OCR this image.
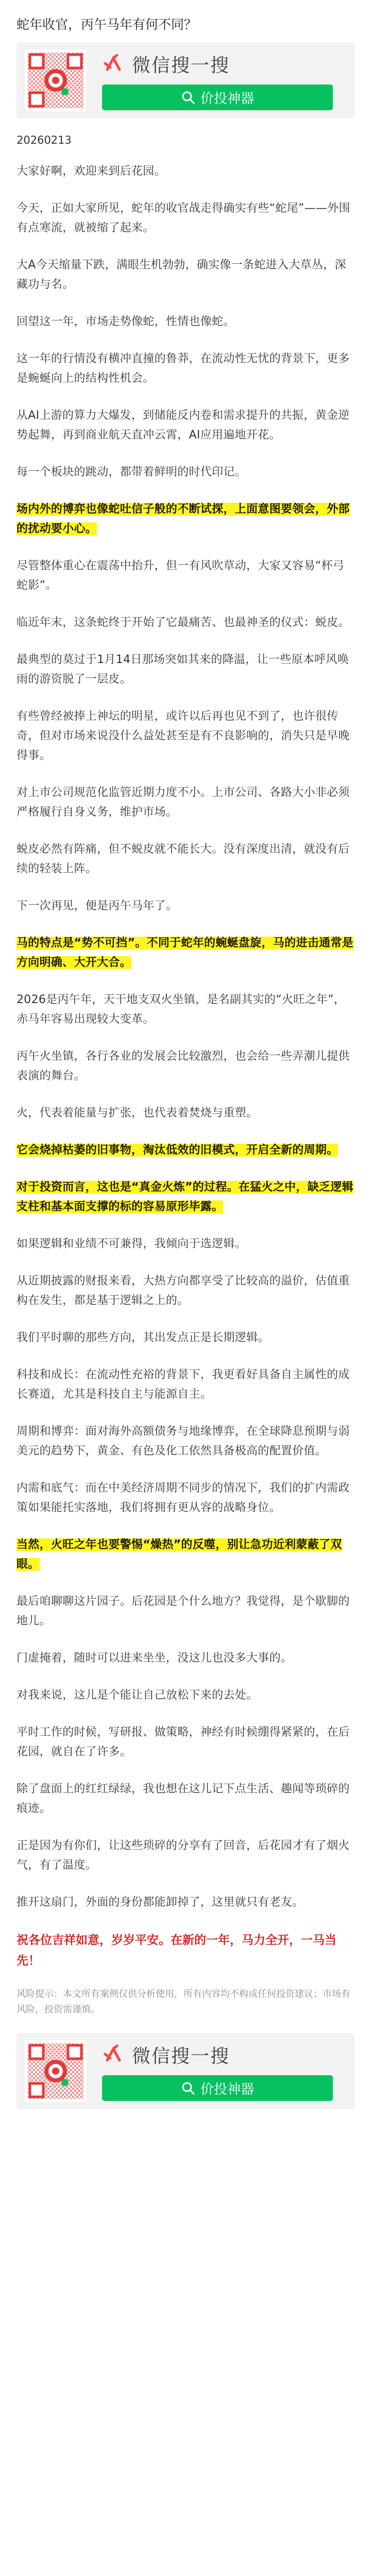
蛇年收官，丙午马年有何不同？
微信搜一搜
价投神器
20260213

大家好啊，欢迎来到后花园。

今天，正如大家所见，蛇年的收官战走得确实有些“蛇尾”——外围有点寒流，就被缩了起来。

大A今天缩量下跌，满眼生机勃勃，确实像一条蛇进入大草丛，深藏功与名。

回望这一年，市场走势像蛇，性情也像蛇。

这一年的行情没有横冲直撞的鲁莽，在流动性无忧的背景下，更多是蜿蜒向上的结构性机会。

从AI上游的算力大爆发，到储能反内卷和需求提升的共振，黄金逆势起舞，再到商业航天直冲云霄，AI应用遍地开花。

每一个板块的跳动，都带着鲜明的时代印记。

场内外的博弈也像蛇吐信子般的不断试探，上面意图要领会，外部的扰动要小心。

尽管整体重心在震荡中抬升，但一有风吹草动，大家又容易“杯弓蛇影”。

临近年末，这条蛇终于开始了它最痛苦、也最神圣的仪式：蜕皮。

最典型的莫过于1月14日那场突如其来的降温，让一些原本呼风唤雨的游资脱了一层皮。

有些曾经被捧上神坛的明星，或许以后再也见不到了，也许很传奇，但对市场来说没什么益处甚至是有不良影响的，消失只是早晚得事。

对上市公司规范化监管近期力度不小。上市公司、各路大小非必须严格履行自身义务，维护市场。

蜕皮必然有阵痛，但不蜕皮就不能长大。没有深度出清，就没有后续的轻装上阵。

下一次再见，便是丙午马年了。

马的特点是“势不可挡”。不同于蛇年的蜿蜒盘旋，马的进击通常是方向明确、大开大合。

2026是丙午年，天干地支双火坐镇，是名副其实的“火旺之年”，赤马年容易出现较大变革。

丙午火坐镇，各行各业的发展会比较激烈，也会给一些弄潮儿提供表演的舞台。

火，代表着能量与扩张，也代表着焚烧与重塑。

它会烧掉枯萎的旧事物，淘汰低效的旧模式，开启全新的周期。

对于投资而言，这也是“真金火炼”的过程。在猛火之中，缺乏逻辑支柱和基本面支撑的标的容易原形毕露。

如果逻辑和业绩不可兼得，我倾向于选逻辑。

从近期披露的财报来看，大热方向都享受了比较高的溢价，估值重构在发生，都是基于逻辑之上的。

我们平时聊的那些方向，其出发点正是长期逻辑。

科技和成长：在流动性充裕的背景下，我更看好具备自主属性的成长赛道，尤其是科技自主与能源自主。

周期和博弈：面对海外高额债务与地缘博弈，在全球降息预期与弱美元的趋势下，黄金、有色及化工依然具备极高的配置价值。

内需和底气：而在中美经济周期不同步的情况下，我们的扩内需政策如果能托实落地，我们将拥有更从容的战略身位。

当然，火旺之年也要警惕“燥热”的反噬，别让急功近利蒙蔽了双眼。

最后咱聊聊这片园子。后花园是个什么地方？我觉得，是个歇脚的地儿。

门虚掩着，随时可以进来坐坐，没这儿也没多大事的。

对我来说，这儿是个能让自己放松下来的去处。

平时工作的时候，写研报、做策略，神经有时候绷得紧紧的，在后花园，就自在了许多。

除了盘面上的红红绿绿，我也想在这儿记下点生活、趣闻等琐碎的痕迹。

正是因为有你们，让这些琐碎的分享有了回音，后花园才有了烟火气，有了温度。

推开这扇门，外面的身份都能卸掉了，这里就只有老友。

祝各位吉祥如意，岁岁平安。在新的一年，马力全开，一马当先！
风险提示：本文所有案例仅供分析使用，所有内容均不构成任何投资建议；市场有风险，投资需谨慎。
微信搜一搜
价投神器
